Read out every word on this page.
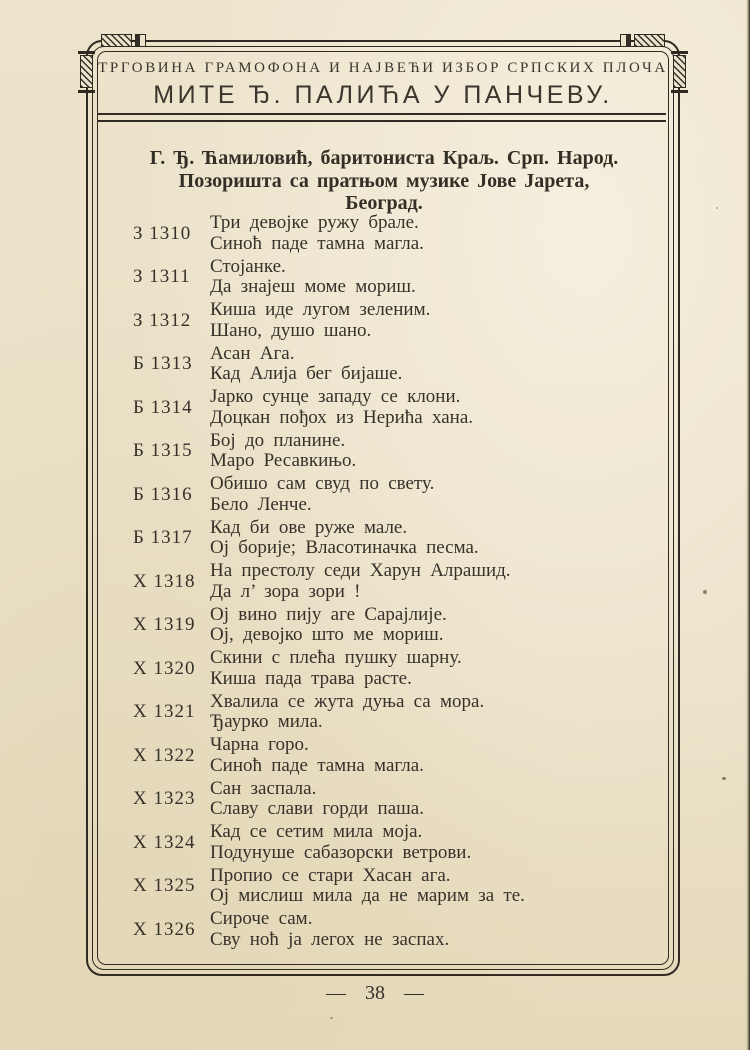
ТРГОВИНА ГРАМОФОНА И НАЈВЕЋИ ИЗБОР СРПСКИХ ПЛОЧА
МИТЕ Ђ. ПАЛИЋА У ПАНЧЕВУ.
Г. Ђ. Ћамиловић, баритониста Краљ. Срп. Народ.
Позоришта са пратњом музике Јове Јарета,
Београд.
З 1310 Три девојке ружу брале.
Синоћ паде тамна магла.
З 1311	Стојанке.
Да знајеш моме мориш.
З 1312 Киша иде лугом зеленим.
Шано, душо шано.
Б 1313 Асан Ага.
Кад Алија бег бијаше.
Б 1314 Јарко сунце западу се клони.
Доцкан пођох из Нерића хана.
Б 1315 Бој до планине.
Маро Ресавкињо.
Б 1316 Обишо сам свуд по свету.
Бело Ленче.
Б 1317 Кад би ове руже мале.
Ој борије; Власотиначка песма.
Х 1318 На престолу седи Харун Алрашид.
Да л’ зора зори !
Х 1319 Ој вино пију аге Сарајлије.
Ој, девојко што ме мориш.
Х 1320 Скини с плећа пушку шарну.
Киша пада трава расте.
Х 1321 Хвалила се жута дуња са мора.
Ђаурко мила.
Х 1322 Чарна горо.
Синоћ паде тамна магла.
Х 1323 Сан заспала.
Славу слави горди паша.
Х 1324 Кад се сетим мила моја.
Подунуше сабазорски ветрови.
Х 1325 Пропио се стари Хасан ага.
Ој мислиш мила да не марим за те.
Х 1326 Сироче сам.
Сву ноћ ја легох не заспах.
— 38 —
